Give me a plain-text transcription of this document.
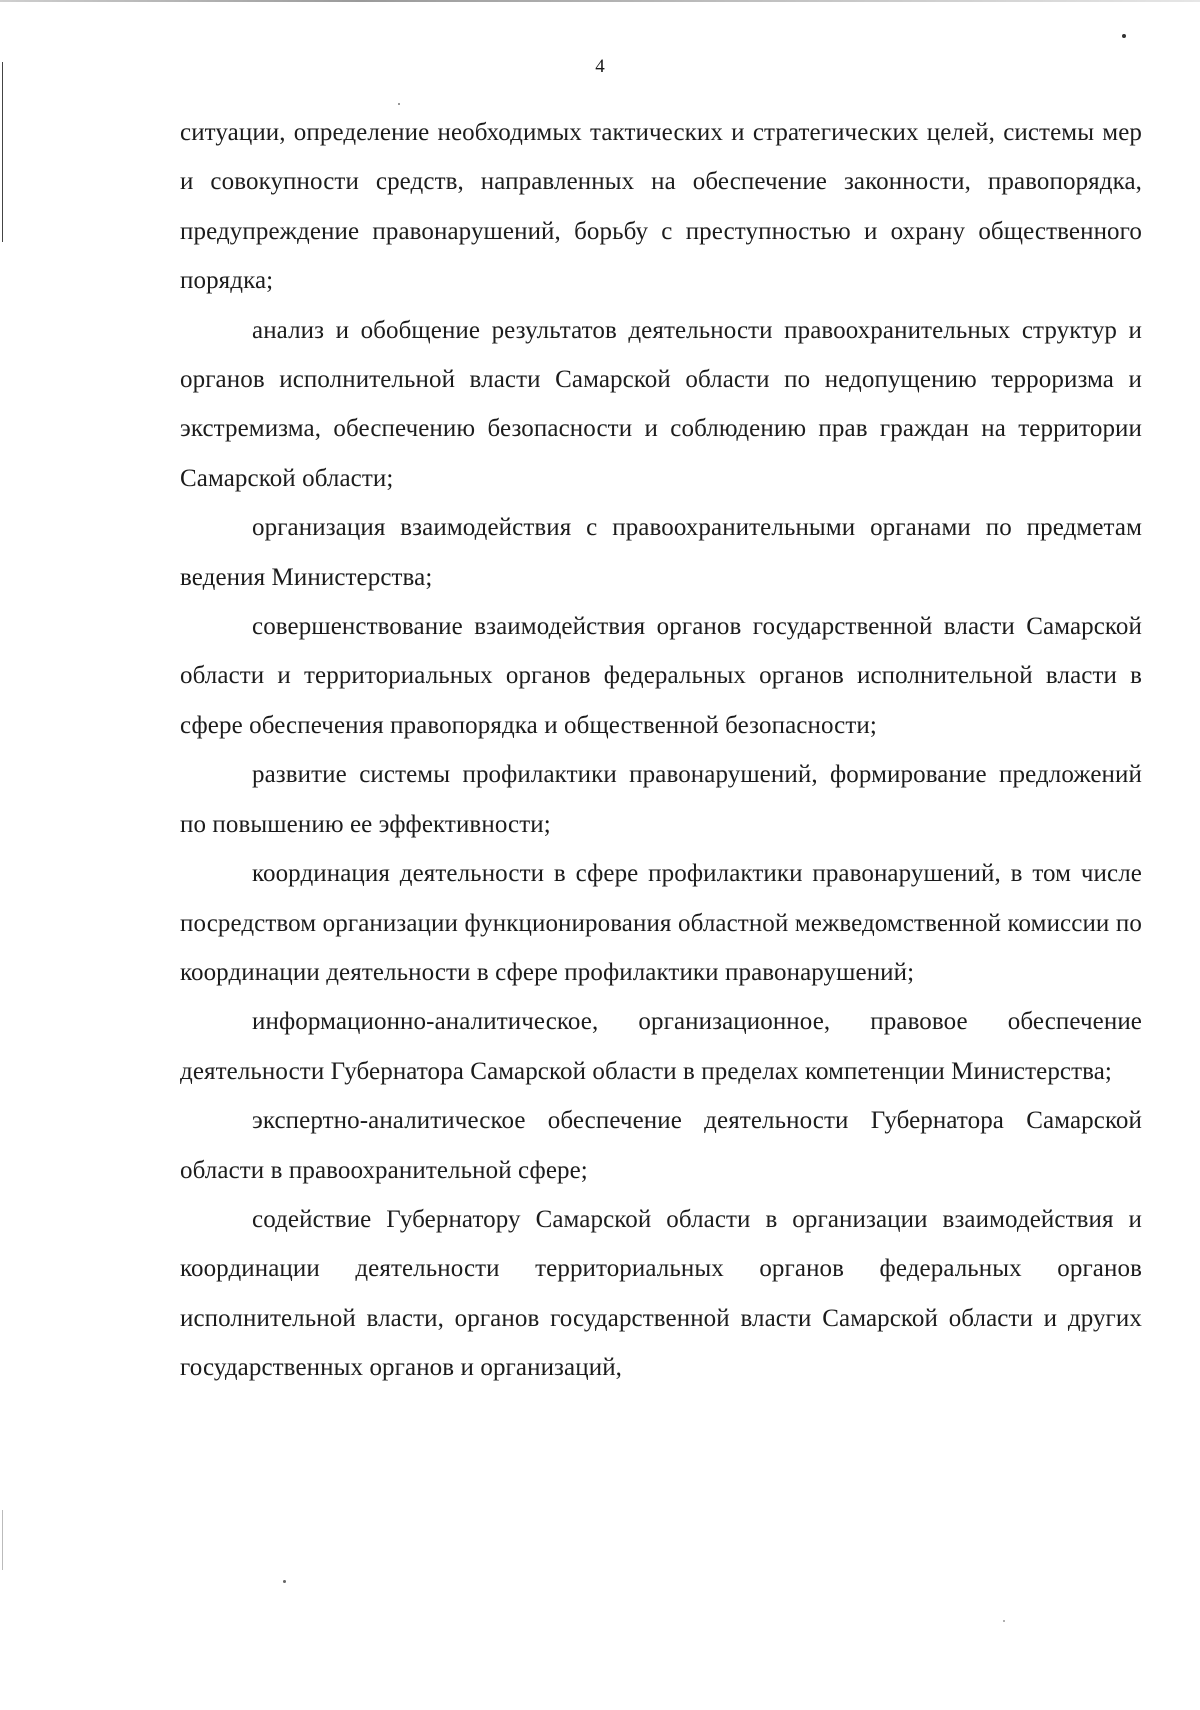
4

ситуации, определение необходимых тактических и стратегических целей, системы мер и совокупности средств, направленных на обеспечение законности, правопорядка, предупреждение правонарушений, борьбу с преступностью и охрану общественного порядка;

анализ и обобщение результатов деятельности правоохранительных структур и органов исполнительной власти Самарской области по недопущению терроризма и экстремизма, обеспечению безопасности и соблюдению прав граждан на территории Самарской области;

организация взаимодействия с правоохранительными органами по предметам ведения Министерства;

совершенствование взаимодействия органов государственной власти Самарской области и территориальных органов федеральных органов исполнительной власти в сфере обеспечения правопорядка и общественной безопасности;

развитие системы профилактики правонарушений, формирование предложений по повышению ее эффективности;

координация деятельности в сфере профилактики правонарушений, в том числе посредством организации функционирования областной межведомственной комиссии по координации деятельности в сфере профилактики правонарушений;

информационно-аналитическое, организационное, правовое обеспечение деятельности Губернатора Самарской области в пределах компетенции Министерства;

экспертно-аналитическое обеспечение деятельности Губернатора Самарской области в правоохранительной сфере;

содействие Губернатору Самарской области в организации взаимодействия и координации деятельности территориальных органов федеральных органов исполнительной власти, органов государственной власти Самарской области и других государственных органов и организаций,
